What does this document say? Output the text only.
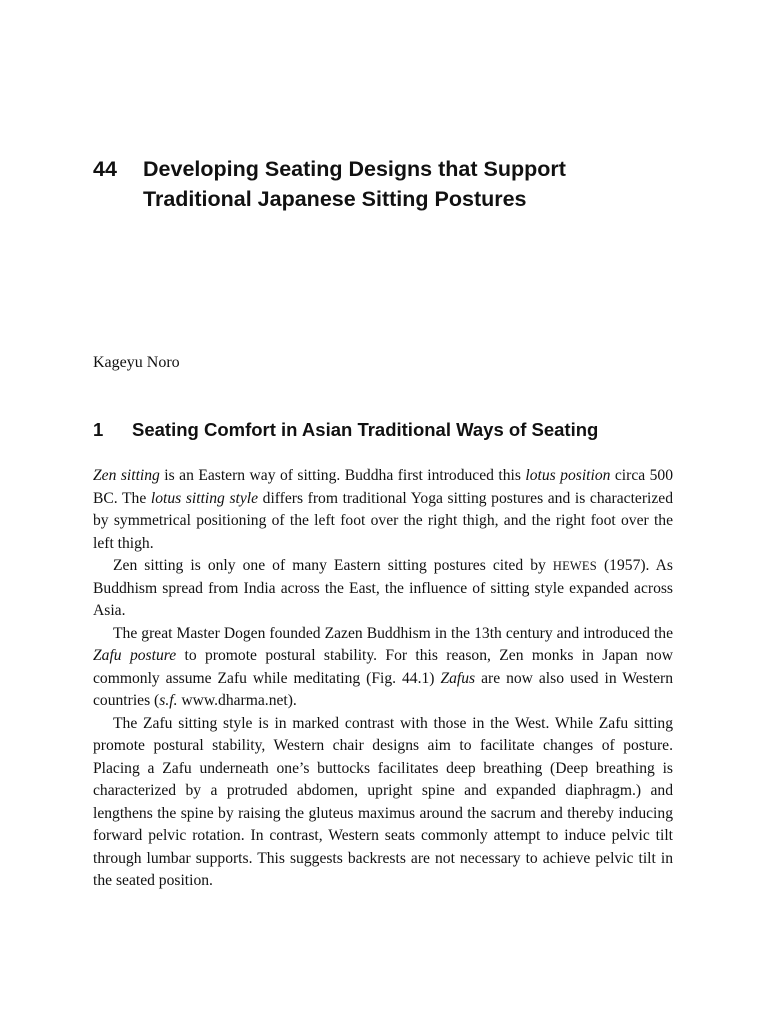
44	Developing Seating Designs that Support
Traditional Japanese Sitting Postures
Kageyu Noro
1 Seating Comfort in Asian Traditional Ways of Seating

Zen sitting is an Eastern way of sitting. Buddha first introduced this lotus position circa 500 BC. The lotus sitting style differs from traditional Yoga sitting postures and is characterized by symmetrical positioning of the left foot over the right thigh, and the right foot over the left thigh.

Zen sitting is only one of many Eastern sitting postures cited by HEWES (1957). As Buddhism spread from India across the East, the influence of sitting style expanded across Asia.

The great Master Dogen founded Zazen Buddhism in the 13th century and introduced the Zafu posture to promote postural stability. For this reason, Zen monks in Japan now commonly assume Zafu while meditating (Fig. 44.1) Zafus are now also used in Western countries (s.f. www.dharma.net).

The Zafu sitting style is in marked contrast with those in the West. While Zafu sitting promote postural stability, Western chair designs aim to facilitate changes of posture. Placing a Zafu underneath one’s buttocks facilitates deep breathing (Deep breathing is characterized by a protruded abdomen, upright spine and expanded diaphragm.) and lengthens the spine by raising the gluteus maximus around the sacrum and thereby inducing forward pelvic rotation. In contrast, Western seats commonly attempt to induce pelvic tilt through lumbar supports. This suggests backrests are not necessary to achieve pelvic tilt in the seated position.
